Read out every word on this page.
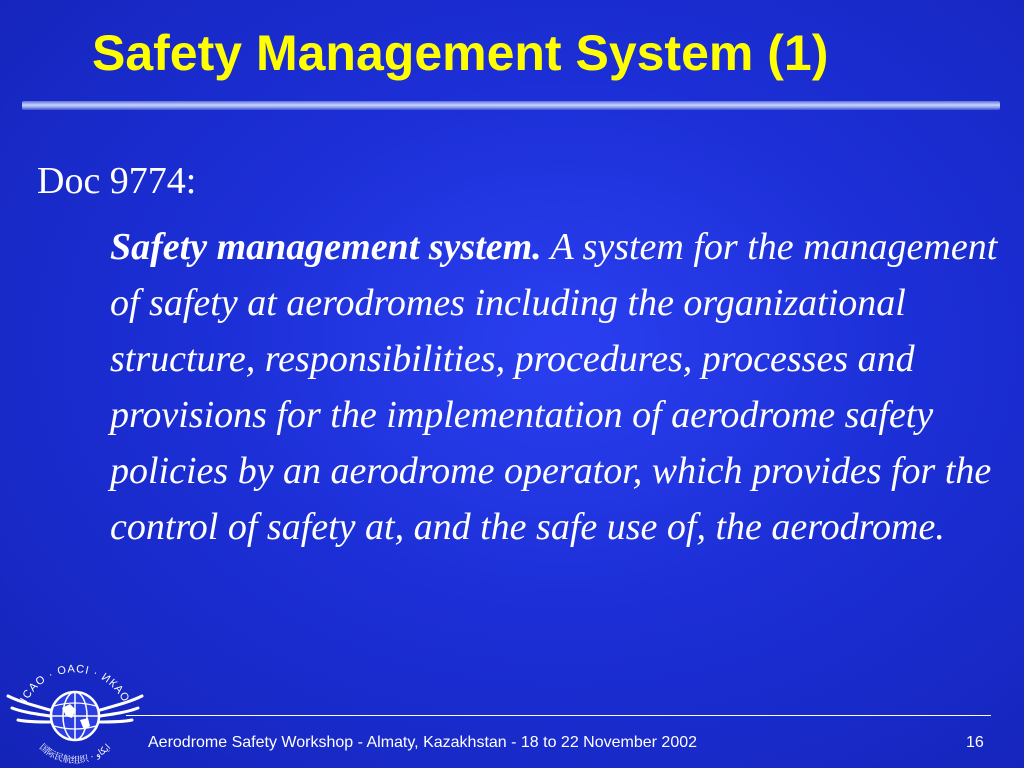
Safety Management System (1)

Doc 9774:

Safety management system. A system for the management of safety at aerodromes including the organizational structure, responsibilities, procedures, processes and provisions for the implementation of aerodrome safety policies by an aerodrome operator, which provides for the control of safety at, and the safe use of, the aerodrome.

ICAO · OACI · ИКАО
国际民航组织 · ايكاو Aerodrome Safety Workshop - Almaty, Kazakhstan - 18 to 22 November 2002	16
